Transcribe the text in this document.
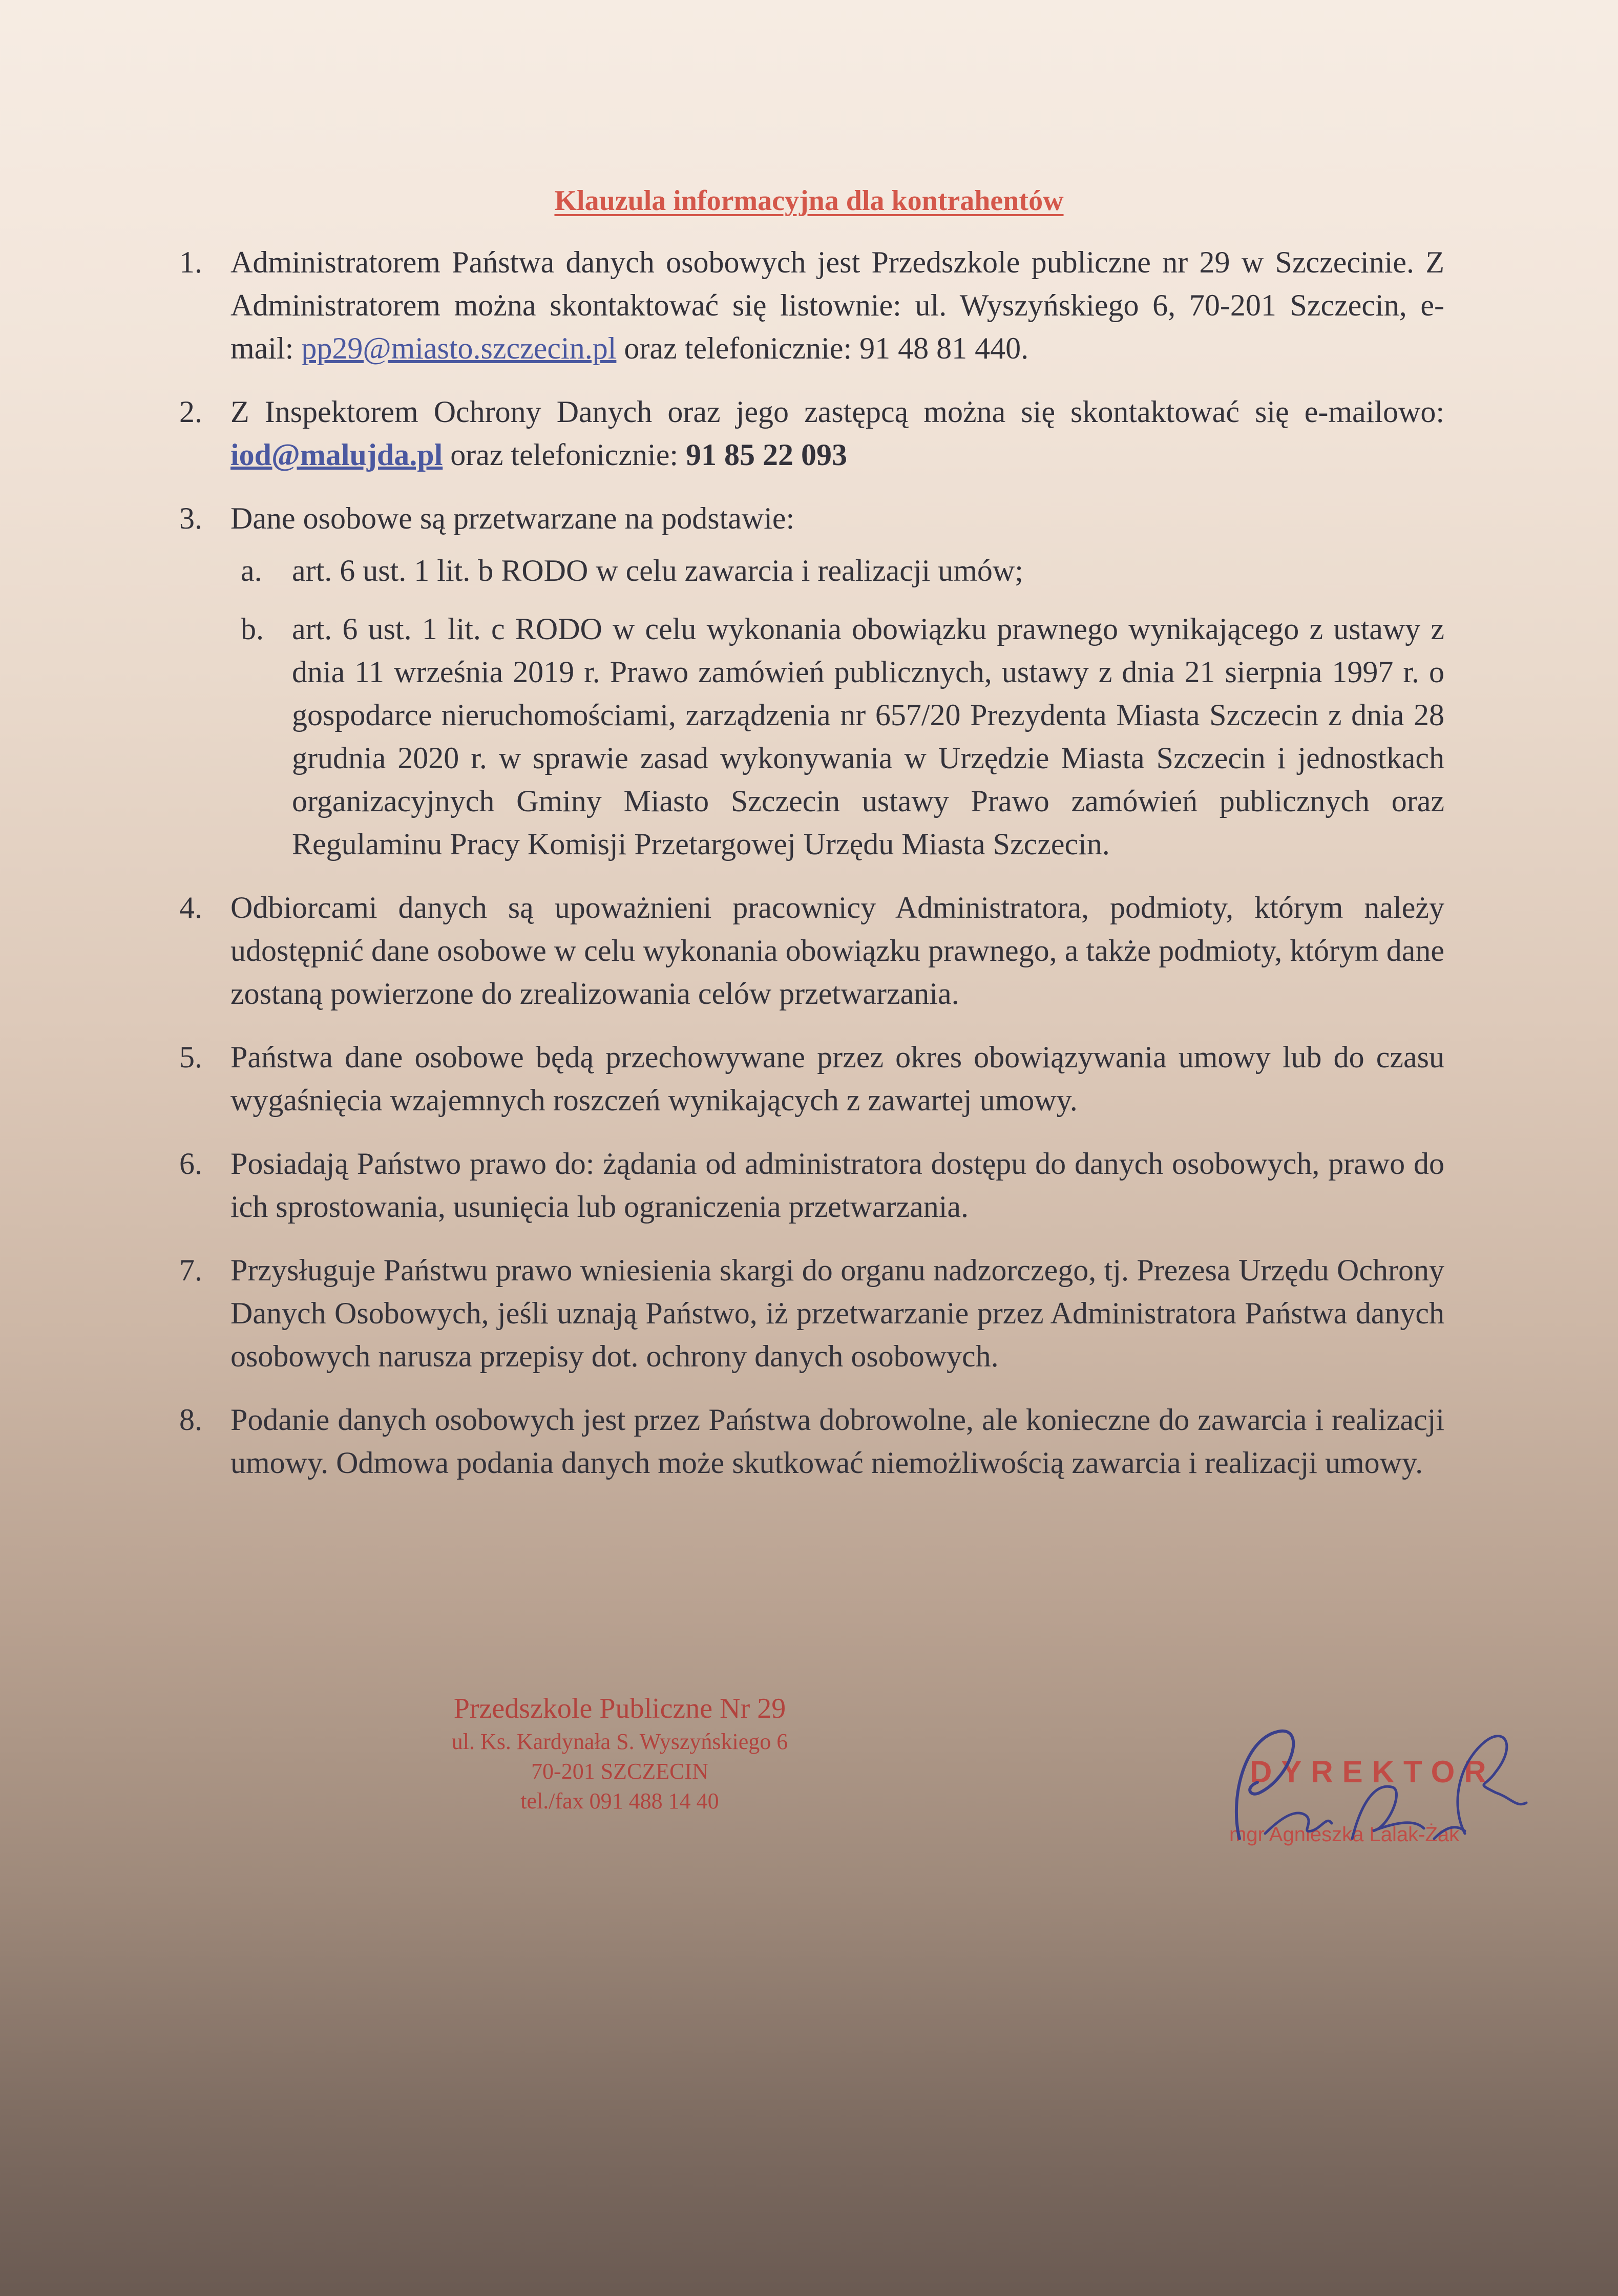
Klauzula informacyjna dla kontrahentów
1. Administratorem Państwa danych osobowych jest Przedszkole publiczne nr 29 w Szczecinie. Z Administratorem można skontaktować się listownie: ul. Wyszyńskiego 6, 70-201 Szczecin, e-mail: pp29@miasto.szczecin.pl oraz telefonicznie: 91 48 81 440.
2. Z Inspektorem Ochrony Danych oraz jego zastępcą można się skontaktować się e-mailowo: iod@malujda.pl oraz telefonicznie: 91 85 22 093
3. Dane osobowe są przetwarzane na podstawie:
a. art. 6 ust. 1 lit. b RODO w celu zawarcia i realizacji umów;
b. art. 6 ust. 1 lit. c RODO w celu wykonania obowiązku prawnego wynikającego z ustawy z dnia 11 września 2019 r. Prawo zamówień publicznych, ustawy z dnia 21 sierpnia 1997 r. o gospodarce nieruchomościami, zarządzenia nr 657/20 Prezydenta Miasta Szczecin z dnia 28 grudnia 2020 r. w sprawie zasad wykonywania w Urzędzie Miasta Szczecin i jednostkach organizacyjnych Gminy Miasto Szczecin ustawy Prawo zamówień publicznych oraz Regulaminu Pracy Komisji Przetargowej Urzędu Miasta Szczecin.
4. Odbiorcami danych są upoważnieni pracownicy Administratora, podmioty, którym należy udostępnić dane osobowe w celu wykonania obowiązku prawnego, a także podmioty, którym dane zostaną powierzone do zrealizowania celów przetwarzania.
5. Państwa dane osobowe będą przechowywane przez okres obowiązywania umowy lub do czasu wygaśnięcia wzajemnych roszczeń wynikających z zawartej umowy.
6. Posiadają Państwo prawo do: żądania od administratora dostępu do danych osobowych, prawo do ich sprostowania, usunięcia lub ograniczenia przetwarzania.
7. Przysługuje Państwu prawo wniesienia skargi do organu nadzorczego, tj. Prezesa Urzędu Ochrony Danych Osobowych, jeśli uznają Państwo, iż przetwarzanie przez Administratora Państwa danych osobowych narusza przepisy dot. ochrony danych osobowych.
8. Podanie danych osobowych jest przez Państwa dobrowolne, ale konieczne do zawarcia i realizacji umowy. Odmowa podania danych może skutkować niemożliwością zawarcia i realizacji umowy.
Przedszkole Publiczne Nr 29
ul. Ks. Kardynała S. Wyszyńskiego 6
70-201 SZCZECIN
tel./fax 091 488 14 40
DYREKTOR
mgr Agnieszka Lalak-Żak
